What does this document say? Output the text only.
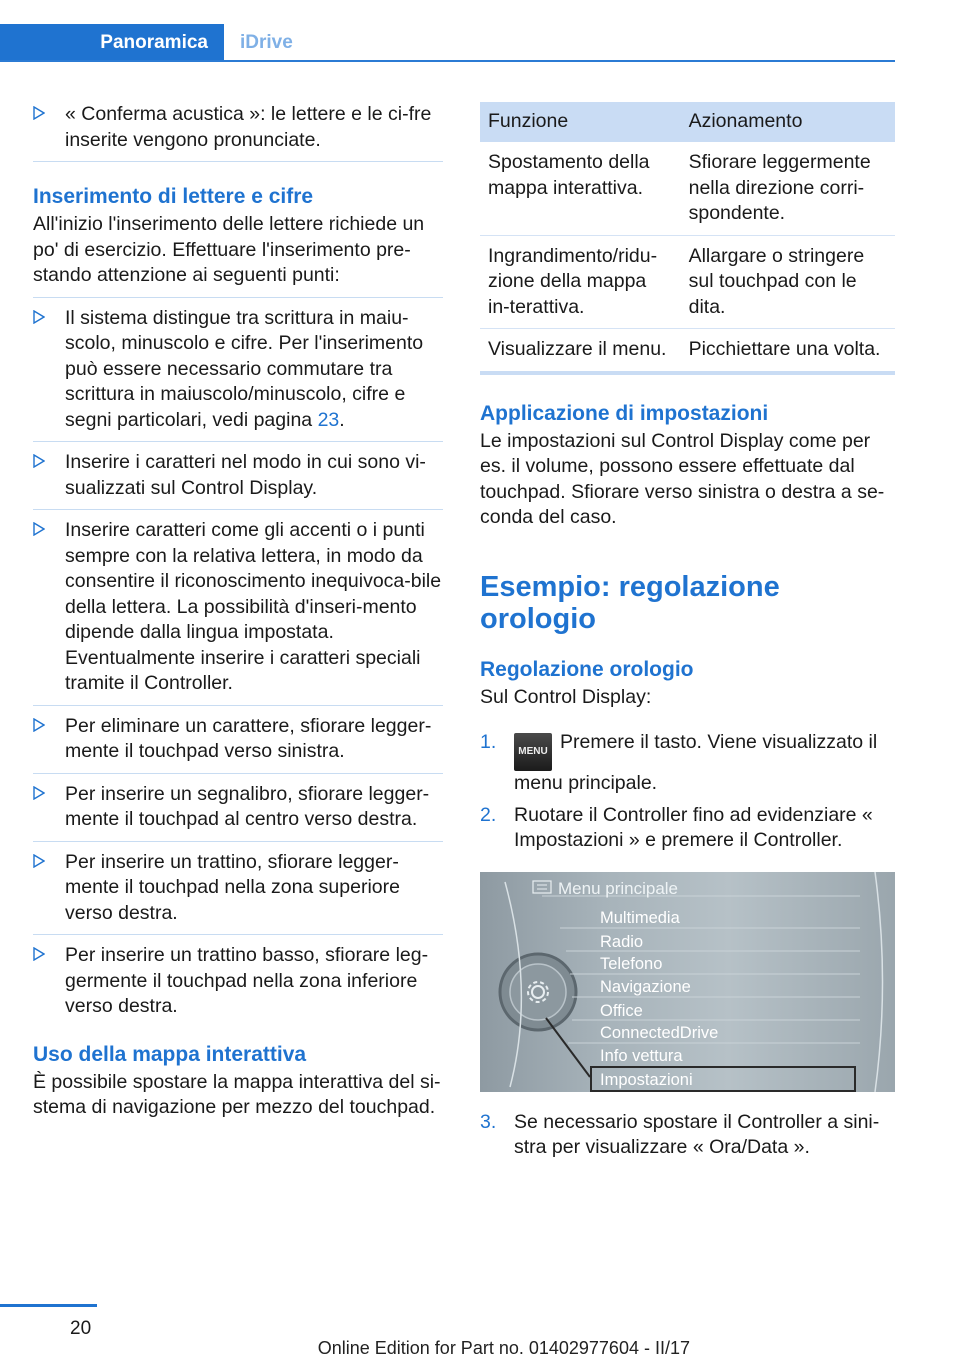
Panoramica	iDrive
« Conferma acustica »: le lettere e le ci‐fre inserite vengono pronunciate.
Inserimento di lettere e cifre

All'inizio l'inserimento delle lettere richiede un po' di esercizio. Effettuare l'inserimento pre‐stando attenzione ai seguenti punti:

Il sistema distingue tra scrittura in maiu‐scolo, minuscolo e cifre. Per l'inserimento può essere necessario commutare tra scrittura in maiuscolo/minuscolo, cifre e segni particolari, vedi pagina 23.
Inserire i caratteri nel modo in cui sono vi‐sualizzati sul Control Display.
Inserire caratteri come gli accenti o i punti sempre con la relativa lettera, in modo da consentire il riconoscimento inequivoca‐bile della lettera. La possibilità d'inseri‐mento dipende dalla lingua impostata. Eventualmente inserire i caratteri speciali tramite il Controller.
Per eliminare un carattere, sfiorare legger‐mente il touchpad verso sinistra.
Per inserire un segnalibro, sfiorare legger‐mente il touchpad al centro verso destra.
Per inserire un trattino, sfiorare legger‐mente il touchpad nella zona superiore verso destra.
Per inserire un trattino basso, sfiorare leg‐germente il touchpad nella zona inferiore verso destra.
Uso della mappa interattiva

È possibile spostare la mappa interattiva del si‐stema di navigazione per mezzo del touchpad.

Funzione	Azionamento
Spostamento della mappa interattiva.	Sfiorare leggermente nella direzione corri‐spondente.
Ingrandimento/ridu‐zione della mappa in‐terattiva.	Allargare o stringere sul touchpad con le dita.
Visualizzare il menu.	Picchiettare una volta.
Applicazione di impostazioni

Le impostazioni sul Control Display come per es. il volume, possono essere effettuate dal touchpad. Sfiorare verso sinistra o destra a se‐conda del caso.

Esempio: regolazione orologio
Regolazione orologio

Sul Control Display:

1. MENU Premere il tasto. Viene visualizzato il menu principale.
2. Ruotare il Controller fino ad evidenziare « Impostazioni » e premere il Controller.
Menu principale
Multimedia
Radio
Telefono
Navigazione
Office
ConnectedDrive
Info vettura
Impostazioni
3. Se necessario spostare il Controller a sini‐stra per visualizzare « Ora/Data ».
20
Online Edition for Part no. 01402977604 - II/17
